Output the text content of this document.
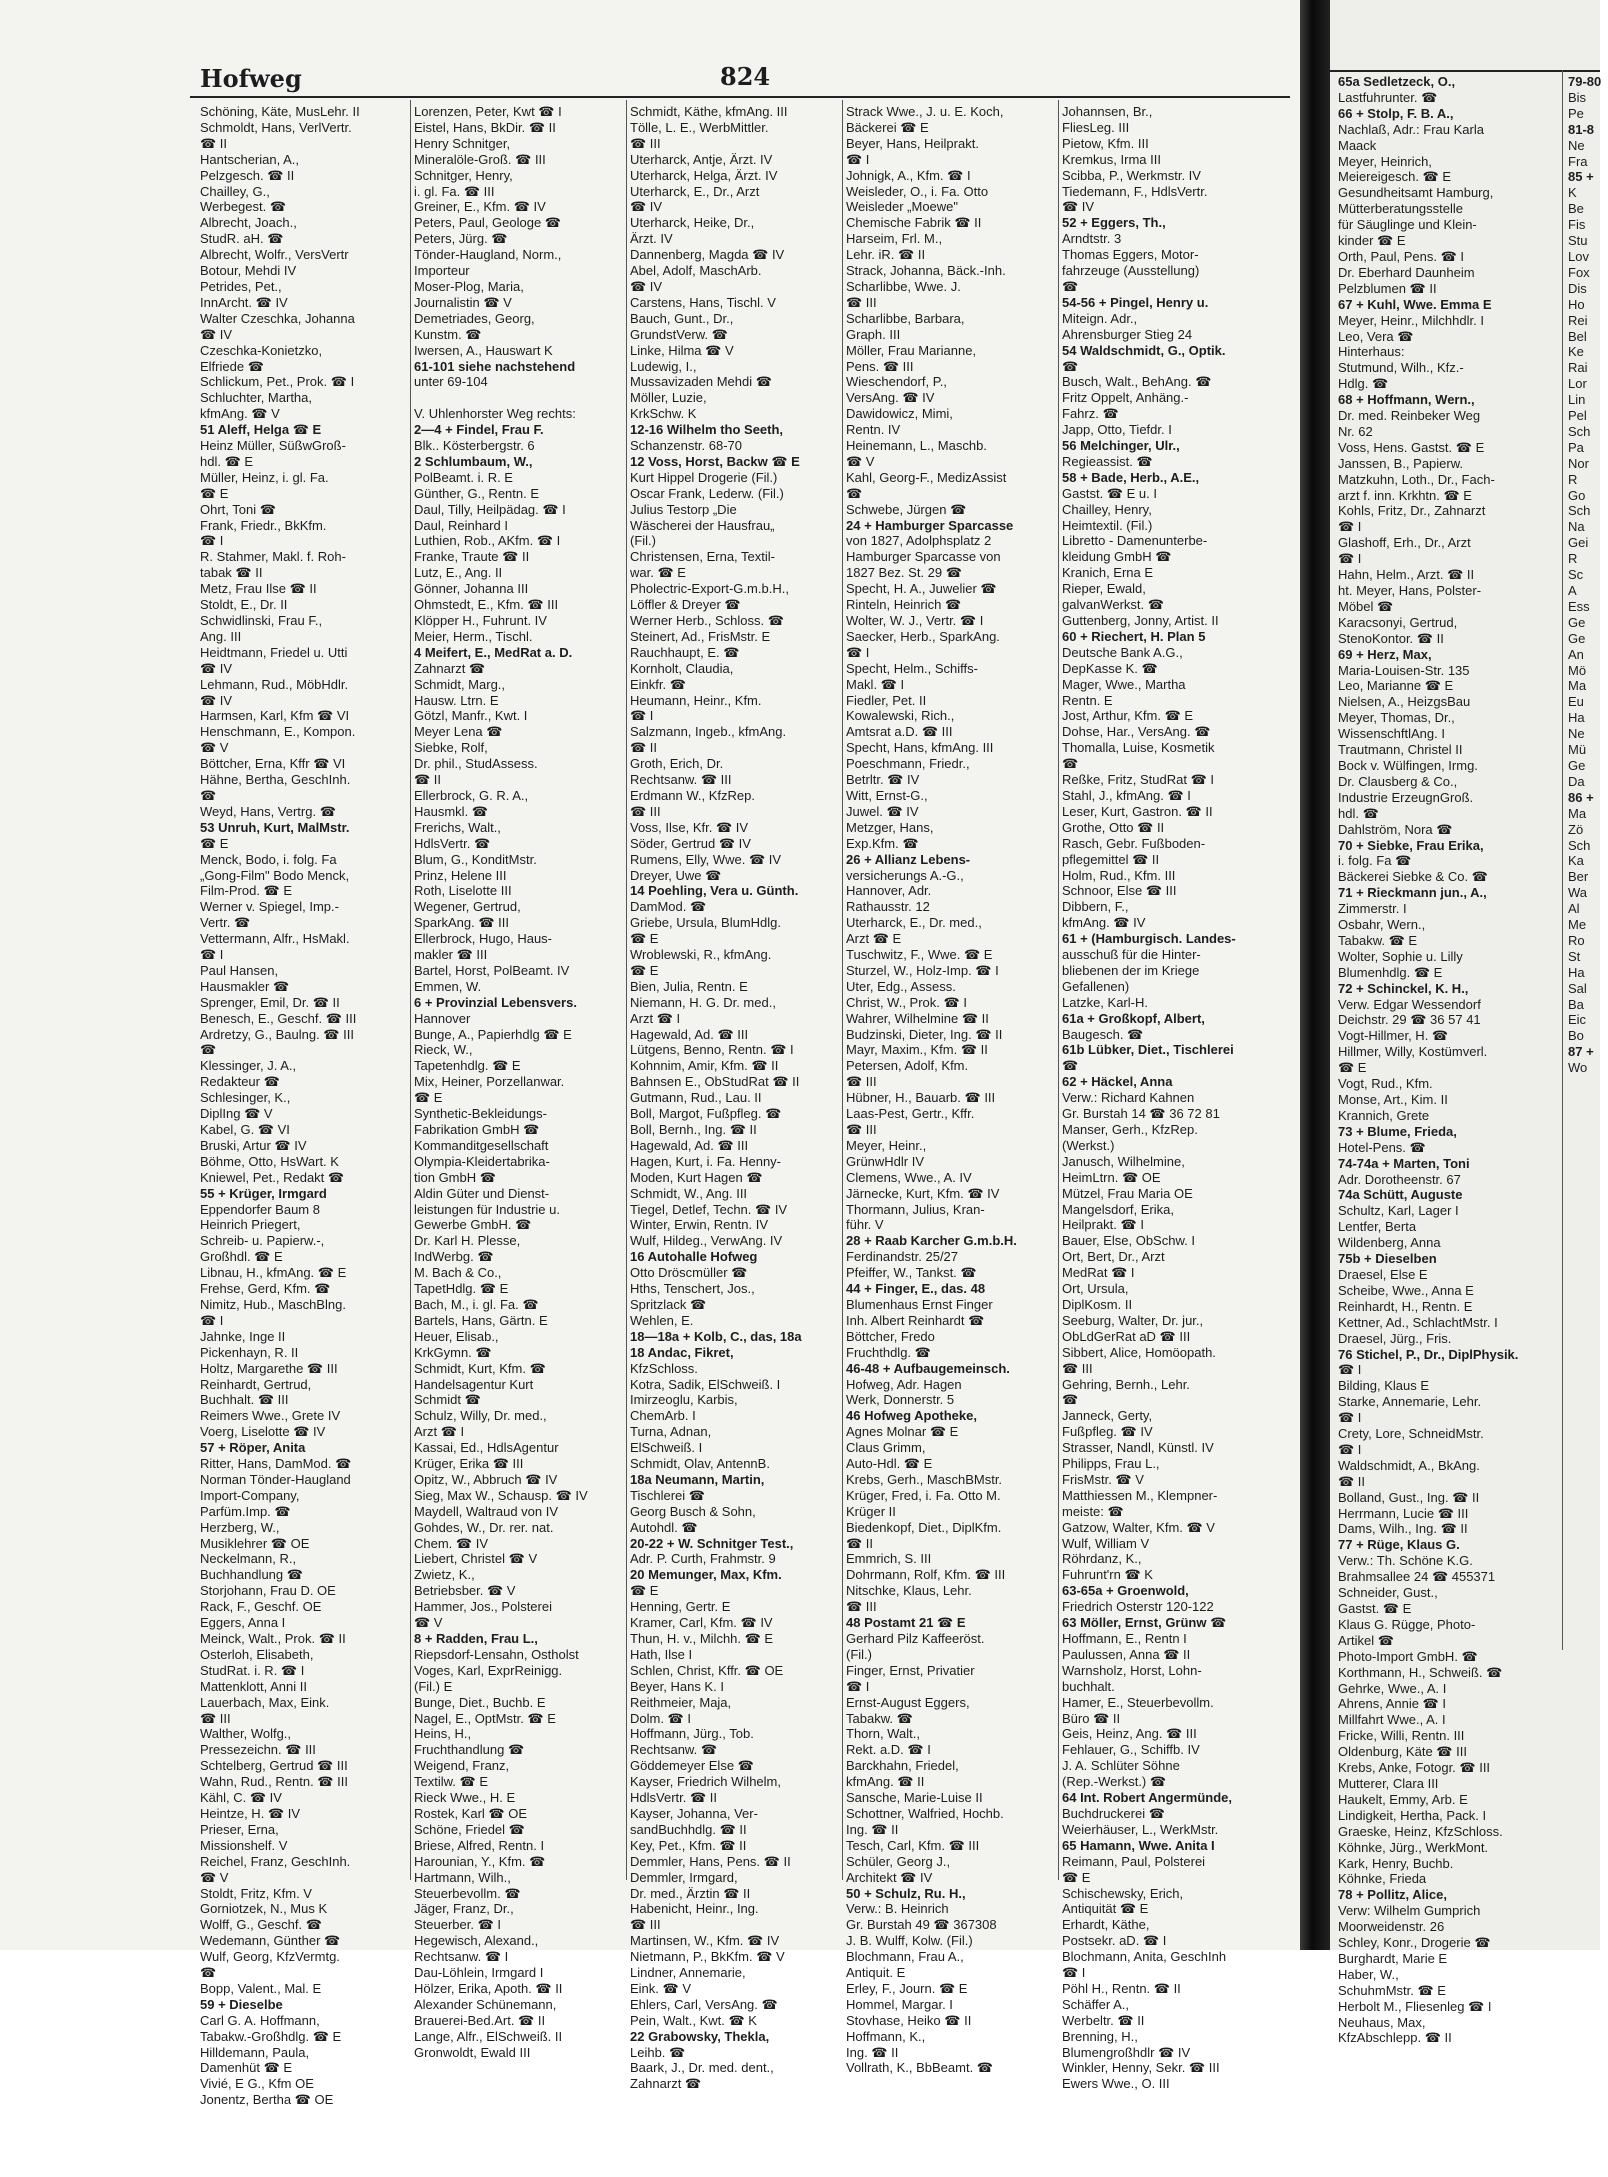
Hofweg	824
Schöning, Käte, MusLehr. II
Schmoldt, Hans, VerlVertr.
☎ II
Hantscherian, A.,
Pelzgesch. ☎ II
Chailley, G.,
Werbegest. ☎
Albrecht, Joach.,
StudR. aH. ☎
Albrecht, Wolfr., VersVertr
Botour, Mehdi IV
Petrides, Pet.,
InnArcht. ☎ IV
Walter Czeschka, Johanna
☎ IV
Czeschka-Konietzko,
Elfriede ☎
Schlickum, Pet., Prok. ☎ I
Schluchter, Martha,
kfmAng. ☎ V
51 Aleff, Helga ☎ E
Heinz Müller, SüßwGroß-
hdl. ☎ E
Müller, Heinz, i. gl. Fa.
☎ E
Ohrt, Toni ☎
Frank, Friedr., BkKfm.
☎ I
R. Stahmer, Makl. f. Roh-
tabak ☎ II
Metz, Frau Ilse ☎ II
Stoldt, E., Dr. II
Schwidlinski, Frau F.,
Ang. III
Heidtmann, Friedel u. Utti
☎ IV
Lehmann, Rud., MöbHdlr.
☎ IV
Harmsen, Karl, Kfm ☎ VI
Henschmann, E., Kompon.
☎ V
Böttcher, Erna, Kffr ☎ VI
Hähne, Bertha, GeschInh.
☎
Weyd, Hans, Vertrg. ☎
53 Unruh, Kurt, MalMstr.
☎ E
Menck, Bodo, i. folg. Fa
„Gong-Film" Bodo Menck,
Film-Prod. ☎ E
Werner v. Spiegel, Imp.-
Vertr. ☎
Vettermann, Alfr., HsMakl.
☎ I
Paul Hansen,
Hausmakler ☎
Sprenger, Emil, Dr. ☎ II
Benesch, E., Geschf. ☎ III
Ardretzy, G., Baulng. ☎ III
☎
Klessinger, J. A.,
Redakteur ☎
Schlesinger, K.,
DiplIng ☎ V
Kabel, G. ☎ VI
Bruski, Artur ☎ IV
Böhme, Otto, HsWart. K
Kniewel, Pet., Redakt ☎
55 + Krüger, Irmgard
Eppendorfer Baum 8
Heinrich Priegert,
Schreib- u. Papierw.-,
Großhdl. ☎ E
Libnau, H., kfmAng. ☎ E
Frehse, Gerd, Kfm. ☎
Nimitz, Hub., MaschBlng.
☎ I
Jahnke, Inge II
Pickenhayn, R. II
Holtz, Margarethe ☎ III
Reinhardt, Gertrud,
Buchhalt. ☎ III
Reimers Wwe., Grete IV
Voerg, Liselotte ☎ IV
57 + Röper, Anita
Ritter, Hans, DamMod. ☎
Norman Tönder-Haugland
Import-Company,
Parfüm.Imp. ☎
Herzberg, W.,
Musiklehrer ☎ OE
Neckelmann, R.,
Buchhandlung ☎
Storjohann, Frau D. OE
Rack, F., Geschf. OE
Eggers, Anna I
Meinck, Walt., Prok. ☎ II
Osterloh, Elisabeth,
StudRat. i. R. ☎ I
Mattenklott, Anni II
Lauerbach, Max, Eink.
☎ III
Walther, Wolfg.,
Pressezeichn. ☎ III
Schtelberg, Gertrud ☎ III
Wahn, Rud., Rentn. ☎ III
Kähl, C. ☎ IV
Heintze, H. ☎ IV
Prieser, Erna,
Missionshelf. V
Reichel, Franz, GeschInh.
☎ V
Stoldt, Fritz, Kfm. V
Gorniotzek, N., Mus K
Wolff, G., Geschf. ☎
Wedemann, Günther ☎
Wulf, Georg, KfzVermtg.
☎
Bopp, Valent., Mal. E
59 + Dieselbe
Carl G. A. Hoffmann,
Tabakw.-Großhdlg. ☎ E
Hilldemann, Paula,
Damenhüt ☎ E
Vivié, E G., Kfm OE
Jonentz, Bertha ☎ OE
Lorenzen, Peter, Kwt ☎ I
Eistel, Hans, BkDir. ☎ II
Henry Schnitger,
Mineralöle-Groß. ☎ III
Schnitger, Henry,
i. gl. Fa. ☎ III
Greiner, E., Kfm. ☎ IV
Peters, Paul, Geologe ☎
Peters, Jürg. ☎
Tönder-Haugland, Norm.,
Importeur
Moser-Plog, Maria,
Journalistin ☎ V
Demetriades, Georg,
Kunstm. ☎
Iwersen, A., Hauswart K
61-101 siehe nachstehend
unter 69-104

V. Uhlenhorster Weg rechts:
2—4 + Findel, Frau F.
Blk.. Kösterbergstr. 6
2 Schlumbaum, W.,
PolBeamt. i. R. E
Günther, G., Rentn. E
Daul, Tilly, Heilpädag. ☎ I
Daul, Reinhard I
Luthien, Rob., AKfm. ☎ I
Franke, Traute ☎ II
Lutz, E., Ang. II
Gönner, Johanna III
Ohmstedt, E., Kfm. ☎ III
Klöpper H., Fuhrunt. IV
Meier, Herm., Tischl.
4 Meifert, E., MedRat a. D.
Zahnarzt ☎
Schmidt, Marg.,
Hausw. Ltrn. E
Götzl, Manfr., Kwt. I
Meyer Lena ☎
Siebke, Rolf,
Dr. phil., StudAssess.
☎ II
Ellerbrock, G. R. A.,
Hausmkl. ☎
Frerichs, Walt.,
HdlsVertr. ☎
Blum, G., KonditMstr.
Prinz, Helene III
Roth, Liselotte III
Wegener, Gertrud,
SparkAng. ☎ III
Ellerbrock, Hugo, Haus-
makler ☎ III
Bartel, Horst, PolBeamt. IV
Emmen, W.
6 + Provinzial Lebensvers.
Hannover
Bunge, A., Papierhdlg ☎ E
Rieck, W.,
Tapetenhdlg. ☎ E
Mix, Heiner, Porzellanwar.
☎ E
Synthetic-Bekleidungs-
Fabrikation GmbH ☎
Kommanditgesellschaft
Olympia-Kleidertabrika-
tion GmbH ☎
Aldin Güter und Dienst-
leistungen für Industrie u.
Gewerbe GmbH. ☎
Dr. Karl H. Plesse,
IndWerbg. ☎
M. Bach & Co.,
TapetHdlg. ☎ E
Bach, M., i. gl. Fa. ☎
Bartels, Hans, Gärtn. E
Heuer, Elisab.,
KrkGymn. ☎
Schmidt, Kurt, Kfm. ☎
Handelsagentur Kurt
Schmidt ☎
Schulz, Willy, Dr. med.,
Arzt ☎ I
Kassai, Ed., HdlsAgentur
Krüger, Erika ☎ III
Opitz, W., Abbruch ☎ IV
Sieg, Max W., Schausp. ☎ IV
Maydell, Waltraud von IV
Gohdes, W., Dr. rer. nat.
Chem. ☎ IV
Liebert, Christel ☎ V
Zwietz, K.,
Betriebsber. ☎ V
Hammer, Jos., Polsterei
☎ V
8 + Radden, Frau L.,
Riepsdorf-Lensahn, Ostholst
Voges, Karl, ExprReinigg.
(Fil.) E
Bunge, Diet., Buchb. E
Nagel, E., OptMstr. ☎ E
Heins, H.,
Fruchthandlung ☎
Weigend, Franz,
Textilw. ☎ E
Rieck Wwe., H. E
Rostek, Karl ☎ OE
Schöne, Friedel ☎
Briese, Alfred, Rentn. I
Harounian, Y., Kfm. ☎
Hartmann, Wilh.,
Steuerbevollm. ☎
Jäger, Franz, Dr.,
Steuerber. ☎ I
Hegewisch, Alexand.,
Rechtsanw. ☎ I
Dau-Löhlein, Irmgard I
Hölzer, Erika, Apoth. ☎ II
Alexander Schünemann,
Brauerei-Bed.Art. ☎ II
Lange, Alfr., ElSchweiß. II
Gronwoldt, Ewald III
Schmidt, Käthe, kfmAng. III
Tölle, L. E., WerbMittler.
☎ III
Uterharck, Antje, Ärzt. IV
Uterharck, Helga, Ärzt. IV
Uterharck, E., Dr., Arzt
☎ IV
Uterharck, Heike, Dr.,
Ärzt. IV
Dannenberg, Magda ☎ IV
Abel, Adolf, MaschArb.
☎ IV
Carstens, Hans, Tischl. V
Bauch, Gunt., Dr.,
GrundstVerw. ☎
Linke, Hilma ☎ V
Ludewig, I.,
Mussavizaden Mehdi ☎
Möller, Luzie,
KrkSchw. K
12-16 Wilhelm tho Seeth,
Schanzenstr. 68-70
12 Voss, Horst, Backw ☎ E
Kurt Hippel Drogerie (Fil.)
Oscar Frank, Lederw. (Fil.)
Julius Testorp „Die
Wäscherei der Hausfrau„
(Fil.)
Christensen, Erna, Textil-
war. ☎ E
Pholectric-Export-G.m.b.H.,
Löffler & Dreyer ☎
Werner Herb., Schloss. ☎
Steinert, Ad., FrisMstr. E
Rauchhaupt, E. ☎
Kornholt, Claudia,
Einkfr. ☎
Heumann, Heinr., Kfm.
☎ I
Salzmann, Ingeb., kfmAng.
☎ II
Groth, Erich, Dr.
Rechtsanw. ☎ III
Erdmann W., KfzRep.
☎ III
Voss, Ilse, Kfr. ☎ IV
Söder, Gertrud ☎ IV
Rumens, Elly, Wwe. ☎ IV
Dreyer, Uwe ☎
14 Poehling, Vera u. Günth.
DamMod. ☎
Griebe, Ursula, BlumHdlg.
☎ E
Wroblewski, R., kfmAng.
☎ E
Bien, Julia, Rentn. E
Niemann, H. G. Dr. med.,
Arzt ☎ I
Hagewald, Ad. ☎ III
Lütgens, Benno, Rentn. ☎ I
Kohnnim, Amir, Kfm. ☎ II
Bahnsen E., ObStudRat ☎ II
Gutmann, Rud., Lau. II
Boll, Margot, Fußpfleg. ☎
Boll, Bernh., Ing. ☎ II
Hagewald, Ad. ☎ III
Hagen, Kurt, i. Fa. Henny-
Moden, Kurt Hagen ☎
Schmidt, W., Ang. III
Tiegel, Detlef, Techn. ☎ IV
Winter, Erwin, Rentn. IV
Wulf, Hildeg., VerwAng. IV
16 Autohalle Hofweg
Otto Dröscmüller ☎
Hths, Tenschert, Jos.,
Spritzlack ☎
Wehlen, E.
18—18a + Kolb, C., das, 18a
18 Andac, Fikret,
KfzSchloss.
Kotra, Sadik, ElSchweiß. I
Imirzeoglu, Karbis,
ChemArb. I
Turna, Adnan,
ElSchweiß. I
Schmidt, Olav, AntennB.
18a Neumann, Martin,
Tischlerei ☎
Georg Busch & Sohn,
Autohdl. ☎
20-22 + W. Schnitger Test.,
Adr. P. Curth, Frahmstr. 9
20 Memunger, Max, Kfm.
☎ E
Henning, Gertr. E
Kramer, Carl, Kfm. ☎ IV
Thun, H. v., Milchh. ☎ E
Hath, Ilse I
Schlen, Christ, Kffr. ☎ OE
Beyer, Hans K. I
Reithmeier, Maja,
Dolm. ☎ I
Hoffmann, Jürg., Tob.
Rechtsanw. ☎
Göddemeyer Else ☎
Kayser, Friedrich Wilhelm,
HdlsVertr. ☎ II
Kayser, Johanna, Ver-
sandBuchhdlg. ☎ II
Key, Pet., Kfm. ☎ II
Demmler, Hans, Pens. ☎ II
Demmler, Irmgard,
Dr. med., Ärztin ☎ II
Habenicht, Heinr., Ing.
☎ III
Martinsen, W., Kfm. ☎ IV
Nietmann, P., BkKfm. ☎ V
Lindner, Annemarie,
Eink. ☎ V
Ehlers, Carl, VersAng. ☎
Pein, Walt., Kwt. ☎ K
22 Grabowsky, Thekla,
Leihb. ☎
Baark, J., Dr. med. dent.,
Zahnarzt ☎
Strack Wwe., J. u. E. Koch,
Bäckerei ☎ E
Beyer, Hans, Heilprakt.
☎ I
Johnigk, A., Kfm. ☎ I
Weisleder, O., i. Fa. Otto
Weisleder „Moewe"
Chemische Fabrik ☎ II
Harseim, Frl. M.,
Lehr. iR. ☎ II
Strack, Johanna, Bäck.-Inh.
Scharlibbe, Wwe. J.
☎ III
Scharlibbe, Barbara,
Graph. III
Möller, Frau Marianne,
Pens. ☎ III
Wieschendorf, P.,
VersAng. ☎ IV
Dawidowicz, Mimi,
Rentn. IV
Heinemann, L., Maschb.
☎ V
Kahl, Georg-F., MedizAssist
☎
Schwebe, Jürgen ☎
24 + Hamburger Sparcasse
von 1827, Adolphsplatz 2
Hamburger Sparcasse von
1827 Bez. St. 29 ☎
Specht, H. A., Juwelier ☎
Rinteln, Heinrich ☎
Wolter, W. J., Vertr. ☎ I
Saecker, Herb., SparkAng.
☎ I
Specht, Helm., Schiffs-
Makl. ☎ I
Fiedler, Pet. II
Kowalewski, Rich.,
Amtsrat a.D. ☎ III
Specht, Hans, kfmAng. III
Poeschmann, Friedr.,
Betrltr. ☎ IV
Witt, Ernst-G.,
Juwel. ☎ IV
Metzger, Hans,
Exp.Kfm. ☎
26 + Allianz Lebens-
versicherungs A.-G.,
Hannover, Adr.
Rathausstr. 12
Uterharck, E., Dr. med.,
Arzt ☎ E
Tuschwitz, F., Wwe. ☎ E
Sturzel, W., Holz-Imp. ☎ I
Uter, Edg., Assess.
Christ, W., Prok. ☎ I
Wahrer, Wilhelmine ☎ II
Budzinski, Dieter, Ing. ☎ II
Mayr, Maxim., Kfm. ☎ II
Petersen, Adolf, Kfm.
☎ III
Hübner, H., Bauarb. ☎ III
Laas-Pest, Gertr., Kffr.
☎ III
Meyer, Heinr.,
GrünwHdlr IV
Clemens, Wwe., A. IV
Järnecke, Kurt, Kfm. ☎ IV
Thormann, Julius, Kran-
führ. V
28 + Raab Karcher G.m.b.H.
Ferdinandstr. 25/27
Pfeiffer, W., Tankst. ☎
44 + Finger, E., das. 48
Blumenhaus Ernst Finger
Inh. Albert Reinhardt ☎
Böttcher, Fredo
Fruchthdlg. ☎
46-48 + Aufbaugemeinsch.
Hofweg, Adr. Hagen
Werk, Donnerstr. 5
46 Hofweg Apotheke,
Agnes Molnar ☎ E
Claus Grimm,
Auto-Hdl. ☎ E
Krebs, Gerh., MaschBMstr.
Krüger, Fred, i. Fa. Otto M.
Krüger II
Biedenkopf, Diet., DiplKfm.
☎ II
Emmrich, S. III
Dohrmann, Rolf, Kfm. ☎ III
Nitschke, Klaus, Lehr.
☎ III
48 Postamt 21 ☎ E
Gerhard Pilz Kaffeeröst.
(Fil.)
Finger, Ernst, Privatier
☎ I
Ernst-August Eggers,
Tabakw. ☎
Thorn, Walt.,
Rekt. a.D. ☎ I
Barckhahn, Friedel,
kfmAng. ☎ II
Sansche, Marie-Luise II
Schottner, Walfried, Hochb.
Ing. ☎ II
Tesch, Carl, Kfm. ☎ III
Schüler, Georg J.,
Architekt ☎ IV
50 + Schulz, Ru. H.,
Verw.: B. Heinrich
Gr. Burstah 49 ☎ 367308
J. B. Wulff, Kolw. (Fil.)
Blochmann, Frau A.,
Antiquit. E
Erley, F., Journ. ☎ E
Hommel, Margar. I
Stovhase, Heiko ☎ II
Hoffmann, K.,
Ing. ☎ II
Vollrath, K., BbBeamt. ☎
Johannsen, Br.,
FliesLeg. III
Pietow, Kfm. III
Kremkus, Irma III
Scibba, P., Werkmstr. IV
Tiedemann, F., HdlsVertr.
☎ IV
52 + Eggers, Th.,
Arndtstr. 3
Thomas Eggers, Motor-
fahrzeuge (Ausstellung)
☎
54-56 + Pingel, Henry u.
Miteign. Adr.,
Ahrensburger Stieg 24
54 Waldschmidt, G., Optik.
☎
Busch, Walt., BehAng. ☎
Fritz Oppelt, Anhäng.-
Fahrz. ☎
Japp, Otto, Tiefdr. I
56 Melchinger, Ulr.,
Regieassist. ☎
58 + Bade, Herb., A.E.,
Gastst. ☎ E u. I
Chailley, Henry,
Heimtextil. (Fil.)
Libretto - Damenunterbe-
kleidung GmbH ☎
Kranich, Erna E
Rieper, Ewald,
galvanWerkst. ☎
Guttenberg, Jonny, Artist. II
60 + Riechert, H. Plan 5
Deutsche Bank A.G.,
DepKasse K. ☎
Mager, Wwe., Martha
Rentn. E
Jost, Arthur, Kfm. ☎ E
Dohse, Har., VersAng. ☎
Thomalla, Luise, Kosmetik
☎
Reßke, Fritz, StudRat ☎ I
Stahl, J., kfmAng. ☎ I
Leser, Kurt, Gastron. ☎ II
Grothe, Otto ☎ II
Rasch, Gebr. Fußboden-
pflegemittel ☎ II
Holm, Rud., Kfm. III
Schnoor, Else ☎ III
Dibbern, F.,
kfmAng. ☎ IV
61 + (Hamburgisch. Landes-
ausschuß für die Hinter-
bliebenen der im Kriege
Gefallenen)
Latzke, Karl-H.
61a + Großkopf, Albert,
Baugesch. ☎
61b Lübker, Diet., Tischlerei
☎
62 + Häckel, Anna
Verw.: Richard Kahnen
Gr. Burstah 14 ☎ 36 72 81
Manser, Gerh., KfzRep.
(Werkst.)
Janusch, Wilhelmine,
HeimLtrn. ☎ OE
Mützel, Frau Maria OE
Mangelsdorf, Erika,
Heilprakt. ☎ I
Bauer, Else, ObSchw. I
Ort, Bert, Dr., Arzt
MedRat ☎ I
Ort, Ursula,
DiplKosm. II
Seeburg, Walter, Dr. jur.,
ObLdGerRat aD ☎ III
Sibbert, Alice, Homöopath.
☎ III
Gehring, Bernh., Lehr.
☎
Janneck, Gerty,
Fußpfleg. ☎ IV
Strasser, Nandl, Künstl. IV
Philipps, Frau L.,
FrisMstr. ☎ V
Matthiessen M., Klempner-
meiste: ☎
Gatzow, Walter, Kfm. ☎ V
Wulf, William V
Röhrdanz, K.,
Fuhrunt'rn ☎ K
63-65a + Groenwold,
Friedrich Osterstr 120-122
63 Möller, Ernst, Grünw ☎
Hoffmann, E., Rentn I
Paulussen, Anna ☎ II
Warnsholz, Horst, Lohn-
buchhalt.
Hamer, E., Steuerbevollm.
Büro ☎ II
Geis, Heinz, Ang. ☎ III
Fehlauer, G., Schiffb. IV
J. A. Schlüter Söhne
(Rep.-Werkst.) ☎
64 Int. Robert Angermünde,
Buchdruckerei ☎
Weierhäuser, L., WerkMstr.
65 Hamann, Wwe. Anita I
Reimann, Paul, Polsterei
☎ E
Schischewsky, Erich,
Antiquität ☎ E
Erhardt, Käthe,
Postsekr. aD. ☎ I
Blochmann, Anita, GeschInh
☎ I
Pöhl H., Rentn. ☎ II
Schäffer A.,
Werbeltr. ☎ II
Brenning, H.,
Blumengroßhdlr ☎ IV
Winkler, Henny, Sekr. ☎ III
Ewers Wwe., O. III
65a Sedletzeck, O.,
Lastfuhrunter. ☎
66 + Stolp, F. B. A.,
Nachlaß, Adr.: Frau Karla
Maack
Meyer, Heinrich,
Meiereigesch. ☎ E
Gesundheitsamt Hamburg,
Mütterberatungsstelle
für Säuglinge und Klein-
kinder ☎ E
Orth, Paul, Pens. ☎ I
Dr. Eberhard Daunheim
Pelzblumen ☎ II
67 + Kuhl, Wwe. Emma E
Meyer, Heinr., Milchhdlr. I
Leo, Vera ☎
Hinterhaus:
Stutmund, Wilh., Kfz.-
Hdlg. ☎
68 + Hoffmann, Wern.,
Dr. med. Reinbeker Weg
Nr. 62
Voss, Hens. Gastst. ☎ E
Janssen, B., Papierw.
Matzkuhn, Loth., Dr., Fach-
arzt f. inn. Krkhtn. ☎ E
Kohls, Fritz, Dr., Zahnarzt
☎ I
Glashoff, Erh., Dr., Arzt
☎ I
Hahn, Helm., Arzt. ☎ II
ht. Meyer, Hans, Polster-
Möbel ☎
Karacsonyi, Gertrud,
StenoKontor. ☎ II
69 + Herz, Max,
Maria-Louisen-Str. 135
Leo, Marianne ☎ E
Nielsen, A., HeizgsBau
Meyer, Thomas, Dr.,
WissenschftlAng. I
Trautmann, Christel II
Bock v. Wülfingen, Irmg.
Dr. Clausberg & Co.,
Industrie ErzeugnGroß.
hdl. ☎
Dahlström, Nora ☎
70 + Siebke, Frau Erika,
i. folg. Fa ☎
Bäckerei Siebke & Co. ☎
71 + Rieckmann jun., A.,
Zimmerstr. I
Osbahr, Wern.,
Tabakw. ☎ E
Wolter, Sophie u. Lilly
Blumenhdlg. ☎ E
72 + Schinckel, K. H.,
Verw. Edgar Wessendorf
Deichstr. 29 ☎ 36 57 41
Vogt-Hillmer, H. ☎
Hillmer, Willy, Kostümverl.
☎ E
Vogt, Rud., Kfm.
Monse, Art., Kim. II
Krannich, Grete
73 + Blume, Frieda,
Hotel-Pens. ☎
74-74a + Marten, Toni
Adr. Dorotheenstr. 67
74a Schütt, Auguste
Schultz, Karl, Lager I
Lentfer, Berta
Wildenberg, Anna
75b + Dieselben
Draesel, Else E
Scheibe, Wwe., Anna E
Reinhardt, H., Rentn. E
Kettner, Ad., SchlachtMstr. I
Draesel, Jürg., Fris.
76 Stichel, P., Dr., DiplPhysik.
☎ I
Bilding, Klaus E
Starke, Annemarie, Lehr.
☎ I
Crety, Lore, SchneidMstr.
☎ I
Waldschmidt, A., BkAng.
☎ II
Bolland, Gust., Ing. ☎ II
Herrmann, Lucie ☎ III
Dams, Wilh., Ing. ☎ II
77 + Rüge, Klaus G.
Verw.: Th. Schöne K.G.
Brahmsallee 24 ☎ 455371
Schneider, Gust.,
Gastst. ☎ E
Klaus G. Rügge, Photo-
Artikel ☎
Photo-Import GmbH. ☎
Korthmann, H., Schweiß. ☎
Gehrke, Wwe., A. I
Ahrens, Annie ☎ I
Millfahrt Wwe., A. I
Fricke, Willi, Rentn. III
Oldenburg, Käte ☎ III
Krebs, Anke, Fotogr. ☎ III
Mutterer, Clara III
Haukelt, Emmy, Arb. E
Lindigkeit, Hertha, Pack. I
Graeske, Heinz, KfzSchloss.
Köhnke, Jürg., WerkMont.
Kark, Henry, Buchb.
Köhnke, Frieda
78 + Pollitz, Alice,
Verw: Wilhelm Gumprich
Moorweidenstr. 26
Schley, Konr., Drogerie ☎
Burghardt, Marie E
Haber, W.,
SchuhmMstr. ☎ E
Herbolt M., Fliesenleg ☎ I
Neuhaus, Max,
KfzAbschlepp. ☎ II
79-80
Bis
Pe
81-8
Ne
Fra
85 +
K
Be
Fis
Stu
Lov
Fox
Dis
Ho
Rei
Bel
Ke
Rai
Lor
Lin
Pel
Sch
Pa
Nor
R
Go
Sch
Na
Gei
R
Sc
A
Ess
Ge
Ge
An
Mö
Ma
Eu
Ha
Ne
Mü
Ge
Da
86 +
Ma
Zö
Sch
Ka
Ber
Wa
Al
Me
Ro
St
Ha
Sal
Ba
Eic
Bo
87 +
Wo
